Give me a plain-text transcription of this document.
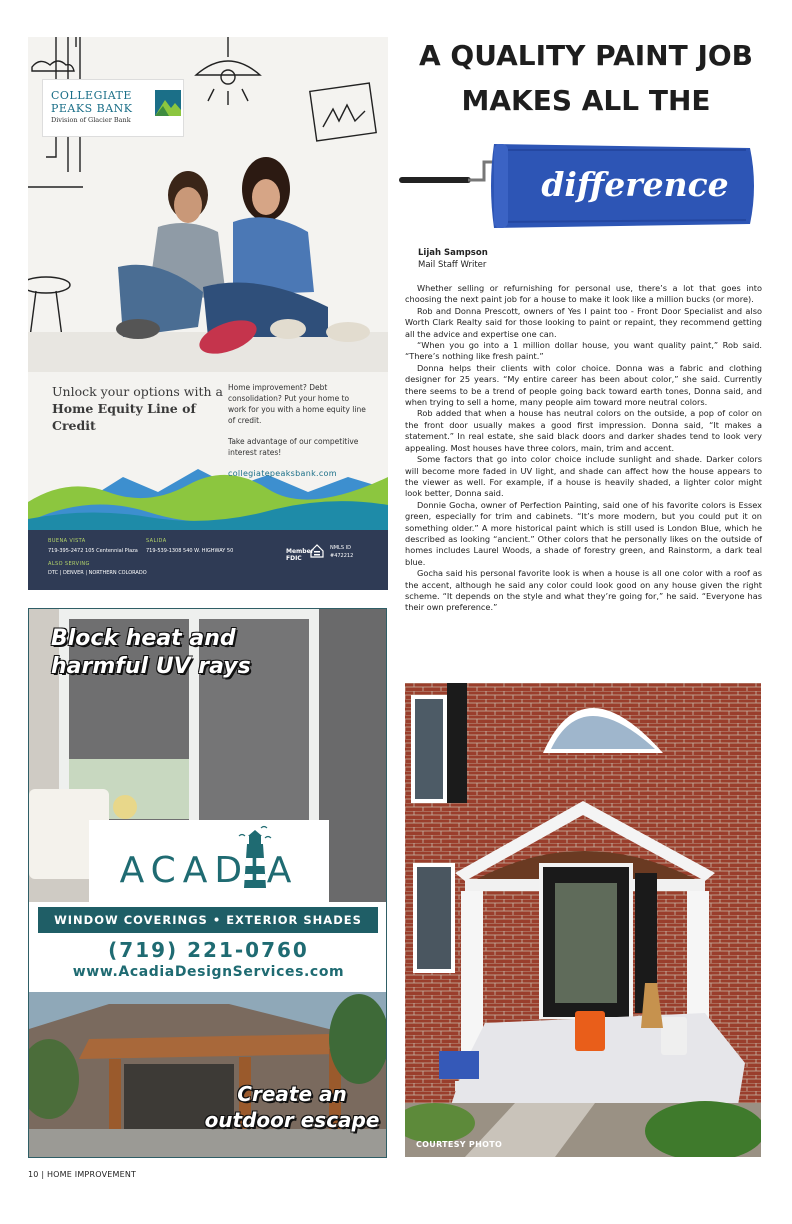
COLLEGIATE
PEAKS BANK
Division of Glacier Bank
Unlock your options with a
Home Equity Line of Credit

Home improvement? Debt consolidation? Put your home to work for you with a home equity line of credit.

Take advantage of our competitive interest rates!

collegiatepeaksbank.com
BUENA VISTA
719-395-2472 105 Centennial Plaza
SALIDA
719-539-1308 540 W. HIGHWAY 50
ALSO SERVING
DTC | DENVER | NORTHERN COLORADO
Member FDIC
NMLS ID
#472212
A QUALITY PAINT JOB
MAKES ALL THE
difference
Lijah Sampson
Mail Staff Writer

Whether selling or refurnishing for personal use, there’s a lot that goes into choosing the next paint job for a house to make it look like a million bucks (or more).

Rob and Donna Prescott, owners of Yes I paint too - Front Door Specialist and also Worth Clark Realty said for those looking to paint or repaint, they recommend getting all the advice and expertise one can.

“When you go into a 1 million dollar house, you want quality paint,” Rob said. “There’s nothing like fresh paint.”

Donna helps their clients with color choice. Donna was a fabric and clothing designer for 25 years. “My entire career has been about color,” she said. Currently there seems to be a trend of people going back toward earth tones, Donna said, and when trying to sell a home, many people aim toward more neutral colors.

Rob added that when a house has neutral colors on the outside, a pop of color on the front door usually makes a good first impression. Donna said, “It makes a statement.” In real estate, she said black doors and darker shades tend to look very appealing. Most houses have three colors, main, trim and accent.

Some factors that go into color choice include sunlight and shade. Darker colors will become more faded in UV light, and shade can affect how the house appears to the viewer as well. For example, if a house is heavily shaded, a lighter color might look better, Donna said.

Donnie Gocha, owner of Perfection Painting, said one of his favorite colors is Essex green, especially for trim and cabinets. “It’s more modern, but you could put it on something older.” A more historical paint which is still used is London Blue, which he described as looking “ancient.” Other colors that he personally likes on the outside of homes includes Laurel Woods, a shade of forestry green, and Rainstorm, a dark teal blue.

Gocha said his personal favorite look is when a house is all one color with a roof as the accent, although he said any color could look good on any house given the right scheme. “It depends on the style and what they’re going for,” he said. “Everyone has their own preference.”

COURTESY PHOTO
Block heat and
harmful UV rays
ACADIA
WINDOW COVERINGS • EXTERIOR SHADES
(719) 221-0760
www.AcadiaDesignServices.com
Create an
outdoor escape
10 | HOME IMPROVEMENT
